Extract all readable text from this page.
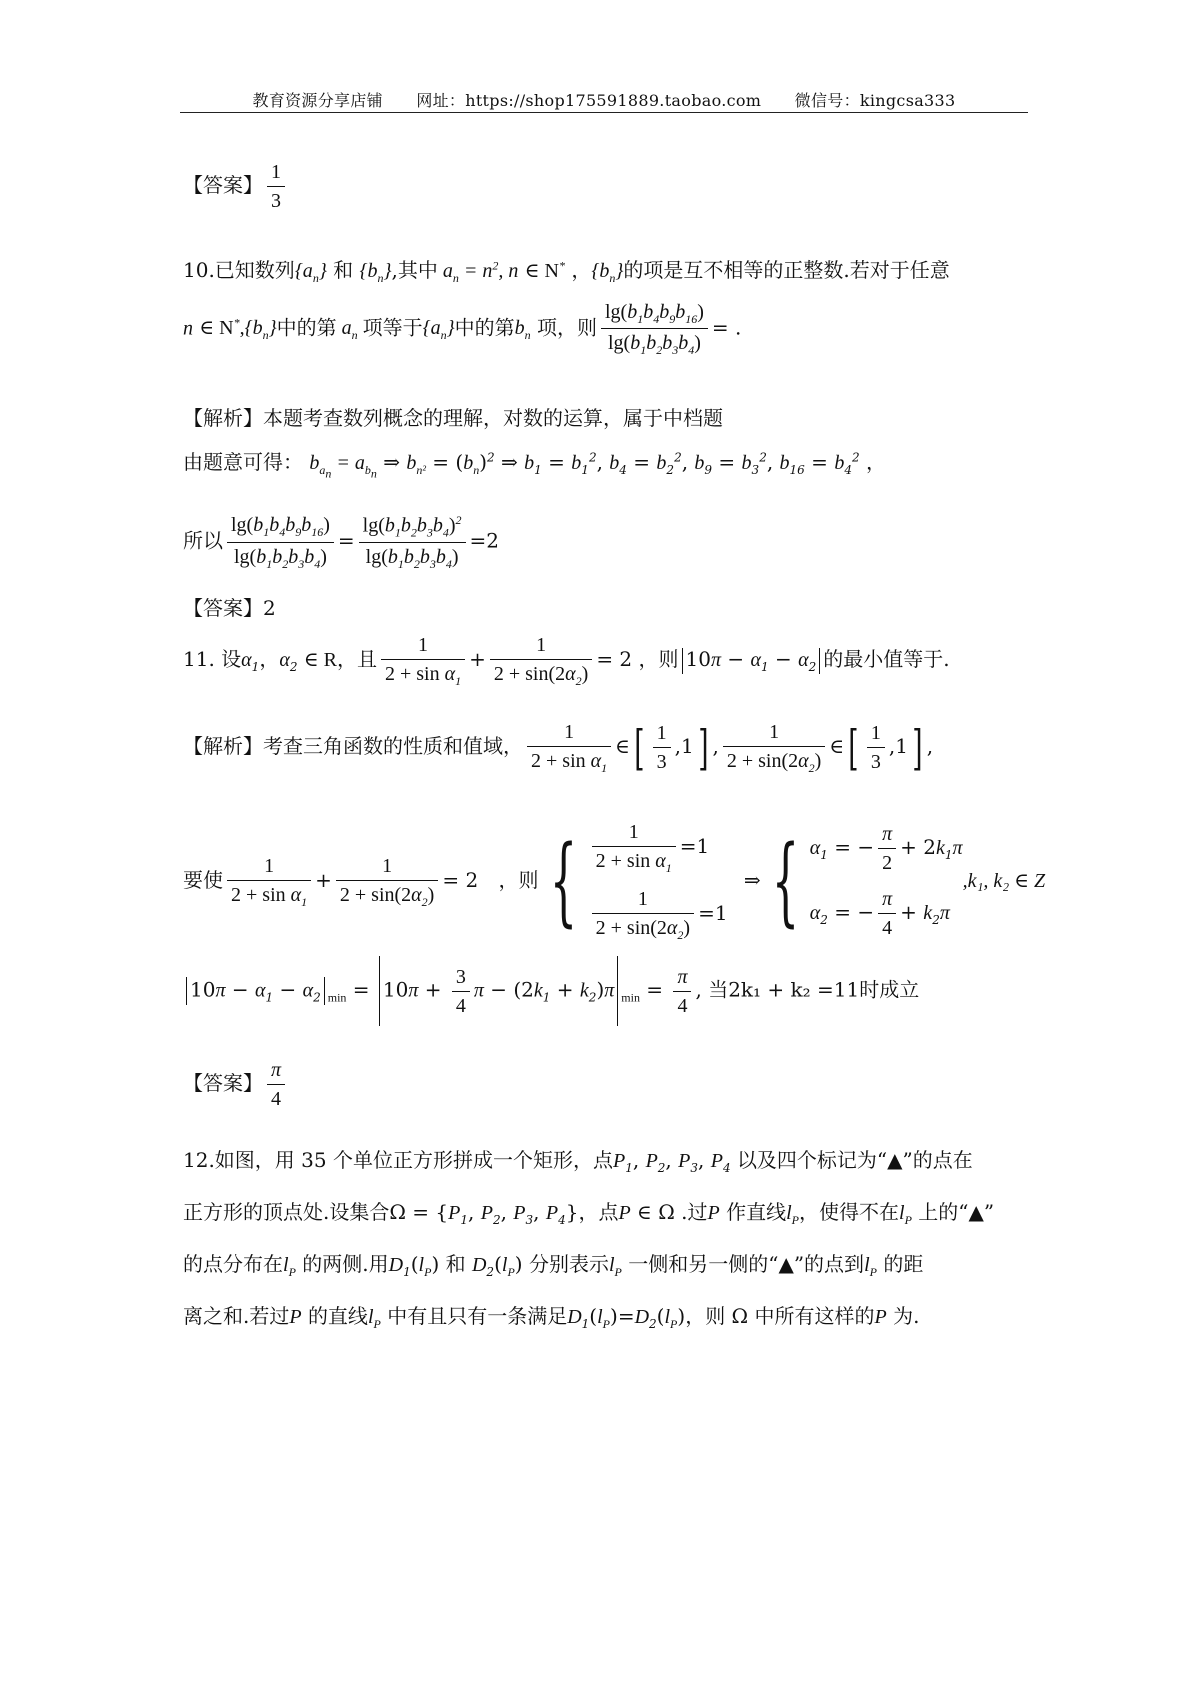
教育资源分享店铺 网址：https://shop175591889.taobao.com 微信号：kingcsa333
【答案】 $\frac{1}{3}$
10.已知数列$\{a_n\}$ 和 $\{b_n\}$,其中 $a_n = n^2$, n ∈ N* ，$\{b_n\}$的项是互不相等的正整数.若对于任意
n ∈ $N^*,\{b_n\}$中的第 $a_n$ 项等于$\{a_n\}$中的第$b_n$ 项，则 $\frac{\lg(b_1b_4b_9b_{16})}{\lg(b_1b_2b_3b_4)}$ = .
【解析】本题考查数列概念的理解，对数的运算，属于中档题
由题意可得： $b_{a_n} = a_{b_n}$ ⇒ $b_{n^2} = (b_n)^2$ ⇒ $b_1 = b_1^2$, $b_4 = b_2^2$, $b_9 = b_3^2$, $b_{16} = b_4^2$ ，
所以 $\frac{\lg(b_1b_4b_9b_{16})}{\lg(b_1b_2b_3b_4)} = \frac{\lg(b_1b_2b_3b_4)^2}{\lg(b_1b_2b_3b_4)} =2$
【答案】2
11. 设$\alpha_1$，$\alpha_2$ ∈ R，且 $\frac{1}{2 + \sin \alpha_1} + \frac{1}{2 + \sin(2\alpha_2)} = 2$ ，则 $10\pi - \alpha_1 - \alpha_2$ 的最小值等于.
【解析】考查三角函数的性质和值域， $\frac{1}{2 + \sin \alpha_1}$ ∈[ $\frac{1}{3} ,1$] , $\frac{1}{2 + \sin(2\alpha_2)}$ ∈[ $\frac{1}{3} ,1$] ,
要使 $\frac{1}{2 + \sin \alpha_1} + \frac{1}{2 + \sin(2\alpha_2)} = 2$ ，则 { $\frac{1}{2 + \sin \alpha_1} =1$
$\frac{1}{2 + \sin(2\alpha_2)} =1$
⇒ { $\alpha_1$ = − $\frac{\pi}{2} + 2k_1\pi$
$\alpha_2$ = − $\frac{\pi}{4} + k_2\pi$
,k₁, k₂ ∈ Z
$10\pi - \alpha_1 - \alpha_2$ $_{min} = 10\pi + \frac{3}{4}$ $\pi - (2k_1 + k_2)\pi$ $_{min} = \frac{\pi}{4}$ , 当2k₁ + k₂ =11时成立
【答案】 $\frac{\pi}{4}$
12.如图，用 35 个单位正方形拼成一个矩形，点$P_1$, $P_2$, $P_3$, $P_4$ 以及四个标记为“▲”的点在
正方形的顶点处.设集合$\Omega = \{P_1$, $P_2$, $P_3$, $P_4$}，点P ∈ Ω .过P 作直线$l_P$，使得不在$l_P$ 上的“▲”
的点分布在$l_P$ 的两侧.用$D_1(l_P)$ 和 $D_2(l_P)$ 分别表示$l_P$ 一侧和另一侧的“▲”的点到$l_P$ 的距
离之和.若过P 的直线$l_P$ 中有且只有一条满足$D_1(l_P)=D_2(l_P)$，则 Ω 中所有这样的P 为.
